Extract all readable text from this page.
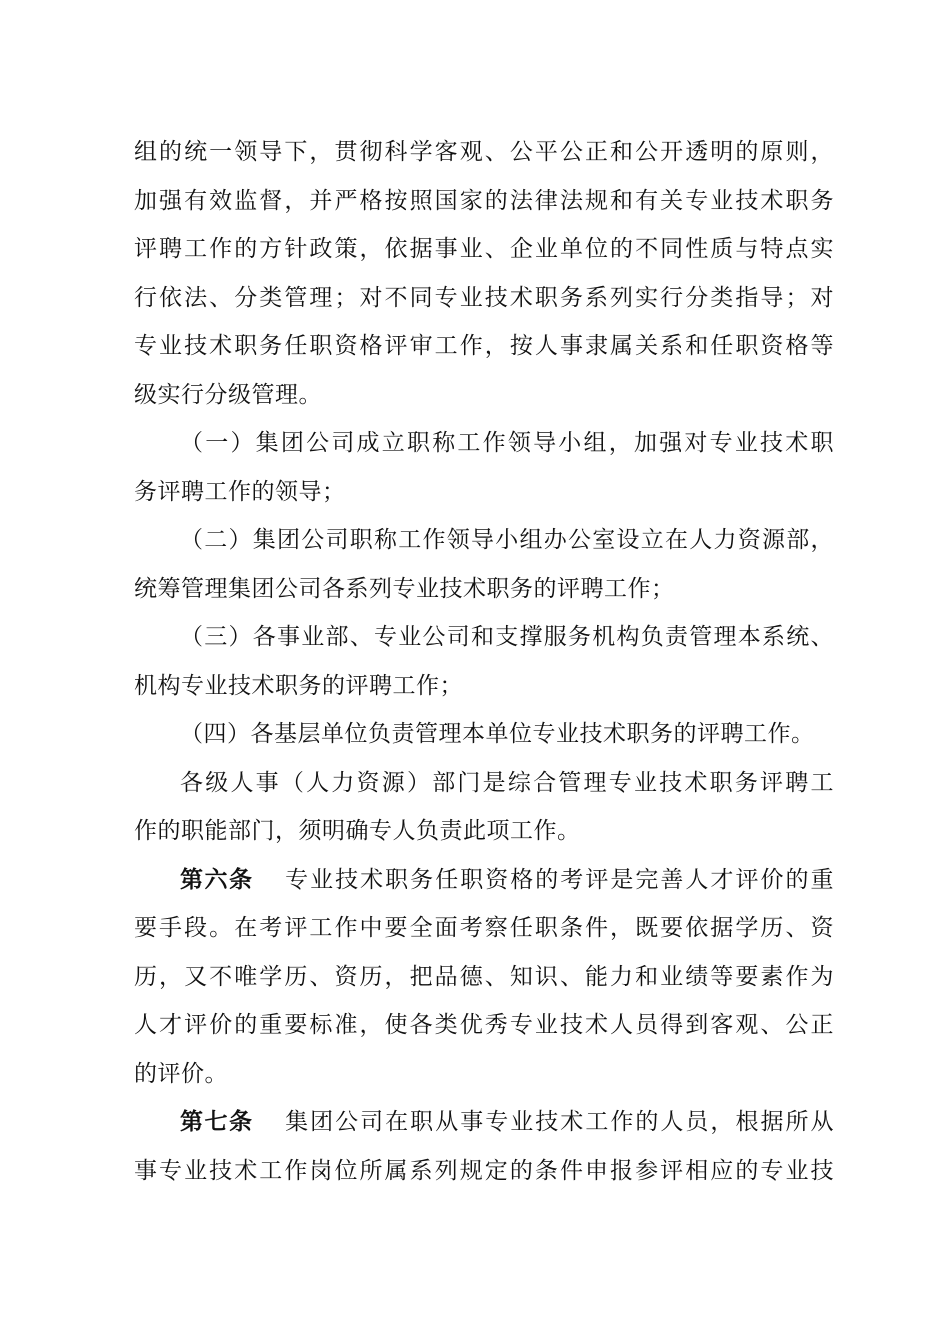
组的统一领导下，贯彻科学客观、公平公正和公开透明的原则，
加强有效监督，并严格按照国家的法律法规和有关专业技术职务
评聘工作的方针政策，依据事业、企业单位的不同性质与特点实
行依法、分类管理；对不同专业技术职务系列实行分类指导；对
专业技术职务任职资格评审工作，按人事隶属关系和任职资格等
级实行分级管理。
（一）集团公司成立职称工作领导小组，加强对专业技术职
务评聘工作的领导；
（二）集团公司职称工作领导小组办公室设立在人力资源部，
统筹管理集团公司各系列专业技术职务的评聘工作；
（三）各事业部、专业公司和支撑服务机构负责管理本系统、
机构专业技术职务的评聘工作；
（四）各基层单位负责管理本单位专业技术职务的评聘工作。
各级人事（人力资源）部门是综合管理专业技术职务评聘工
作的职能部门，须明确专人负责此项工作。
第六条 专业技术职务任职资格的考评是完善人才评价的重
要手段。在考评工作中要全面考察任职条件，既要依据学历、资
历，又不唯学历、资历，把品德、知识、能力和业绩等要素作为
人才评价的重要标准，使各类优秀专业技术人员得到客观、公正
的评价。
第七条 集团公司在职从事专业技术工作的人员，根据所从
事专业技术工作岗位所属系列规定的条件申报参评相应的专业技
